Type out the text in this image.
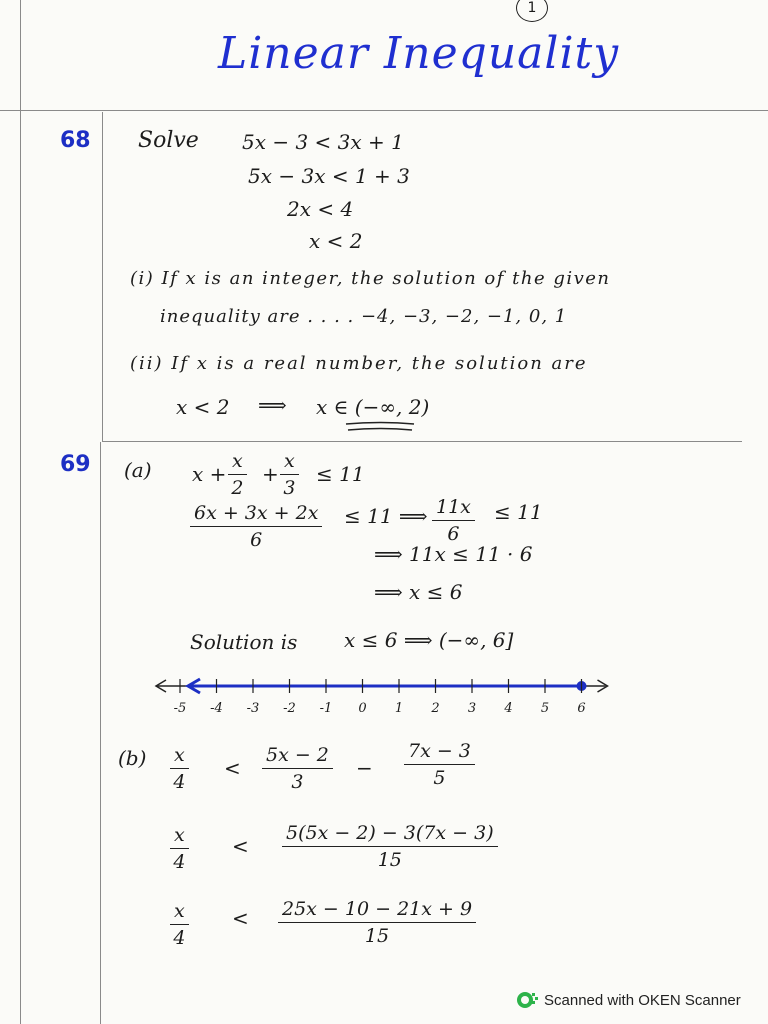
1
Linear Inequality
68 Solve 5x − 3 < 3x + 1
5x − 3x < 1 + 3
2x < 4
x < 2
(i) If x is an integer, the solution of the given
inequality are . . . . −4, −3, −2, −1, 0, 1
(ii) If x is a real number, the solution are
x < 2 ⟹ x ∈ (−∞, 2)
69 (a) $x + \frac{x}{2} + \frac{x}{3} \le 11$
$\frac{6x + 3x + 2x}{6} \le 11$ ⟹ $\frac{11x}{6} \le 11$
⟹ 11x ≤ 11 · 6
⟹ x ≤ 6
Solution is x ≤ 6 ⟹ (−∞, 6]
-5 -4 -3 -2 -1 0 1 2 3 4 5 6
$(b) \frac{x}{4} < \frac{5x - 2}{3} - \frac{7x - 3}{5}$
$\frac{x}{4} < \frac{5(5x - 2) - 3(7x - 3)}{15}$
$\frac{x}{4} < \frac{25x - 10 - 21x + 9}{15}$
Scanned with OKEN Scanner
